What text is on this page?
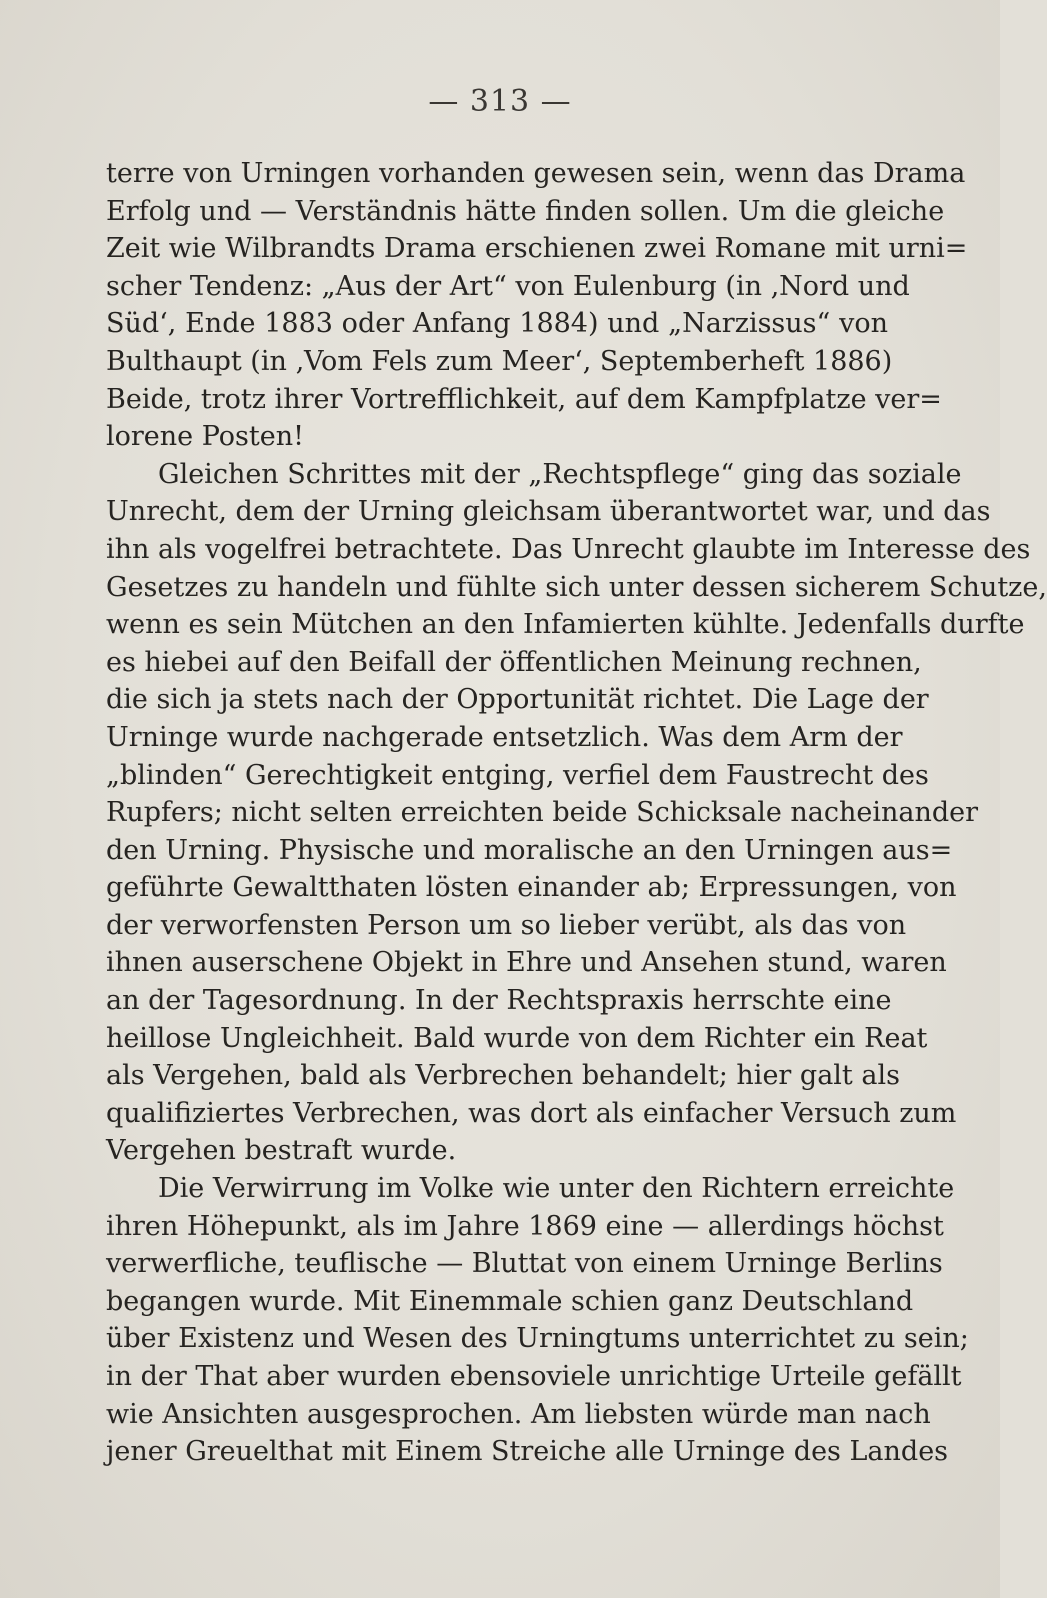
— 313 —
terre von Urningen vorhanden gewesen sein, wenn das Drama
Erfolg und — Verständnis hätte finden sollen. Um die gleiche
Zeit wie Wilbrandts Drama erschienen zwei Romane mit urni=
scher Tendenz: „Aus der Art“ von Eulenburg (in ‚Nord und
Süd‘, Ende 1883 oder Anfang 1884) und „Narzissus“ von
Bulthaupt (in ‚Vom Fels zum Meer‘, Septemberheft 1886)
Beide, trotz ihrer Vortrefflichkeit, auf dem Kampfplatze ver=
lorene Posten!
Gleichen Schrittes mit der „Rechtspflege“ ging das soziale
Unrecht, dem der Urning gleichsam überantwortet war, und das
ihn als vogelfrei betrachtete. Das Unrecht glaubte im Interesse des
Gesetzes zu handeln und fühlte sich unter dessen sicherem Schutze,
wenn es sein Mütchen an den Infamierten kühlte. Jedenfalls durfte
es hiebei auf den Beifall der öffentlichen Meinung rechnen,
die sich ja stets nach der Opportunität richtet. Die Lage der
Urninge wurde nachgerade entsetzlich. Was dem Arm der
„blinden“ Gerechtigkeit entging, verfiel dem Faustrecht des
Rupfers; nicht selten erreichten beide Schicksale nacheinander
den Urning. Physische und moralische an den Urningen aus=
geführte Gewaltthaten lösten einander ab; Erpressungen, von
der verworfensten Person um so lieber verübt, als das von
ihnen auserschene Objekt in Ehre und Ansehen stund, waren
an der Tagesordnung. In der Rechtspraxis herrschte eine
heillose Ungleichheit. Bald wurde von dem Richter ein Reat
als Vergehen, bald als Verbrechen behandelt; hier galt als
qualifiziertes Verbrechen, was dort als einfacher Versuch zum
Vergehen bestraft wurde.
Die Verwirrung im Volke wie unter den Richtern erreichte
ihren Höhepunkt, als im Jahre 1869 eine — allerdings höchst
verwerfliche, teuflische — Bluttat von einem Urninge Berlins
begangen wurde. Mit Einemmale schien ganz Deutschland
über Existenz und Wesen des Urningtums unterrichtet zu sein;
in der That aber wurden ebensoviele unrichtige Urteile gefällt
wie Ansichten ausgesprochen. Am liebsten würde man nach
jener Greuelthat mit Einem Streiche alle Urninge des Landes
